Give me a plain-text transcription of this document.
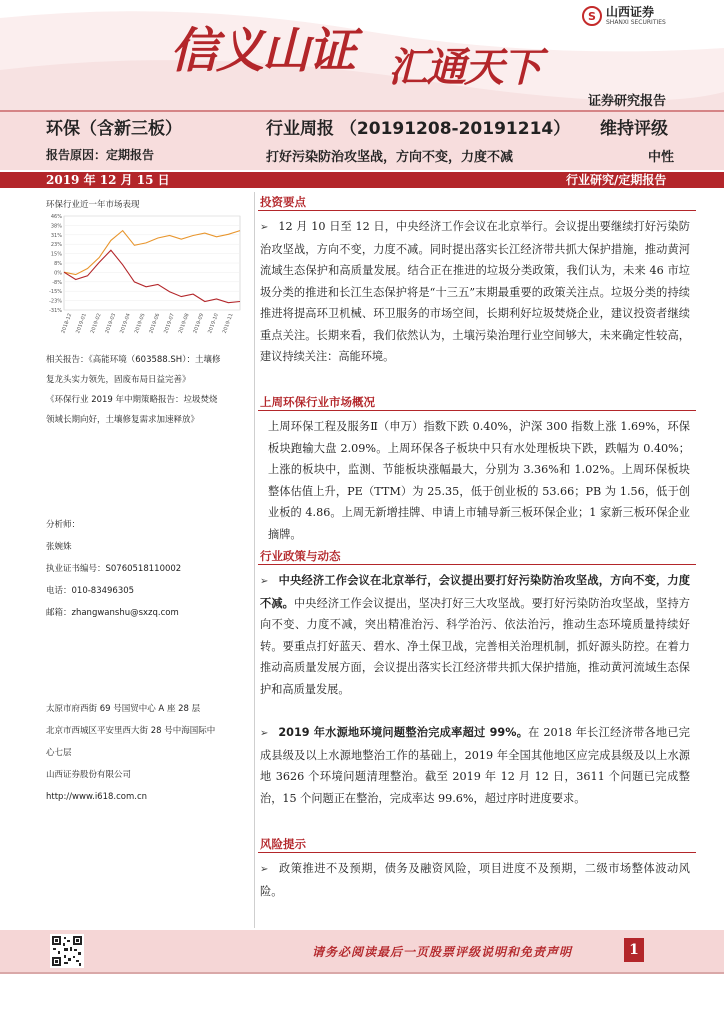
信义山证 汇通天下
S 山西证券
SHANXI SECURITIES
证券研究报告
环保（含新三板）	行业周报 （20191208-20191214） 维持评级
报告原因：定期报告	打好污染防治攻坚战，方向不变，力度不减	中性
2019 年 12 月 15 日	行业研究/定期报告
环保行业近一年市场表现
-31%
-23%
-15%
-8%
0%
8%
15%
23%
31%
38%
46%
2018-12 2019-01 2019-02 2019-03 2019-04 2019-05 2019-06 2019-07 2019-08 2019-09 2019-10 2019-11
相关报告：《高能环境（603588.SH）：土壤修
复龙头实力领先，固废布局日益完善》
《环保行业 2019 年中期策略报告：垃圾焚烧
领域长期向好，土壤修复需求加速释放》
分析师：
张婉姝
执业证书编号：S0760518110002
电话：010-83496305
邮箱：zhangwanshu@sxzq.com
太原市府西街 69 号国贸中心 A 座 28 层
北京市西城区平安里西大街 28 号中海国际中
心七层
山西证券股份有限公司
http://www.i618.com.cn
投资要点
➢ 12 月 10 日至 12 日，中央经济工作会议在北京举行。会议提出要继续打好污染防治攻坚战，方向不变，力度不减。同时提出落实长江经济带共抓大保护措施，推动黄河流域生态保护和高质量发展。结合正在推进的垃圾分类政策，我们认为，未来 46 市垃圾分类的推进和长江生态保护将是“十三五”末期最重要的政策关注点。垃圾分类的持续推进将提高环卫机械、环卫服务的市场空间，长期利好垃圾焚烧企业，建议投资者继续重点关注。长期来看，我们依然认为，土壤污染治理行业空间够大，未来确定性较高，建议持续关注：高能环境。
上周环保行业市场概况
上周环保工程及服务Ⅱ（申万）指数下跌 0.40%，沪深 300 指数上涨 1.69%，环保板块跑输大盘 2.09%。上周环保各子板块中只有水处理板块下跌，跌幅为 0.40%；上涨的板块中，监测、节能板块涨幅最大，分别为 3.36%和 1.02%。上周环保板块整体估值上升，PE（TTM）为 25.35，低于创业板的 53.66；PB 为 1.56，低于创业板的 4.86。上周无新增挂牌、申请上市辅导新三板环保企业；1 家新三板环保企业摘牌。
行业政策与动态
➢ 中央经济工作会议在北京举行，会议提出要打好污染防治攻坚战，方向不变，力度不减。中央经济工作会议提出，坚决打好三大攻坚战。要打好污染防治攻坚战，坚持方向不变、力度不减，突出精准治污、科学治污、依法治污，推动生态环境质量持续好转。要重点打好蓝天、碧水、净土保卫战，完善相关治理机制，抓好源头防控。在着力推动高质量发展方面，会议提出落实长江经济带共抓大保护措施，推动黄河流域生态保护和高质量发展。
➢ 2019 年水源地环境问题整治完成率超过 99%。在 2018 年长江经济带各地已完成县级及以上水源地整治工作的基础上，2019 年全国其他地区应完成县级及以上水源地 3626 个环境问题清理整治。截至 2019 年 12 月 12 日，3611 个问题已完成整治，15 个问题正在整治，完成率达 99.6%，超过序时进度要求。
风险提示
➢ 政策推进不及预期，债务及融资风险，项目进度不及预期，二级市场整体波动风险。
请务必阅读最后一页股票评级说明和免责声明	1
